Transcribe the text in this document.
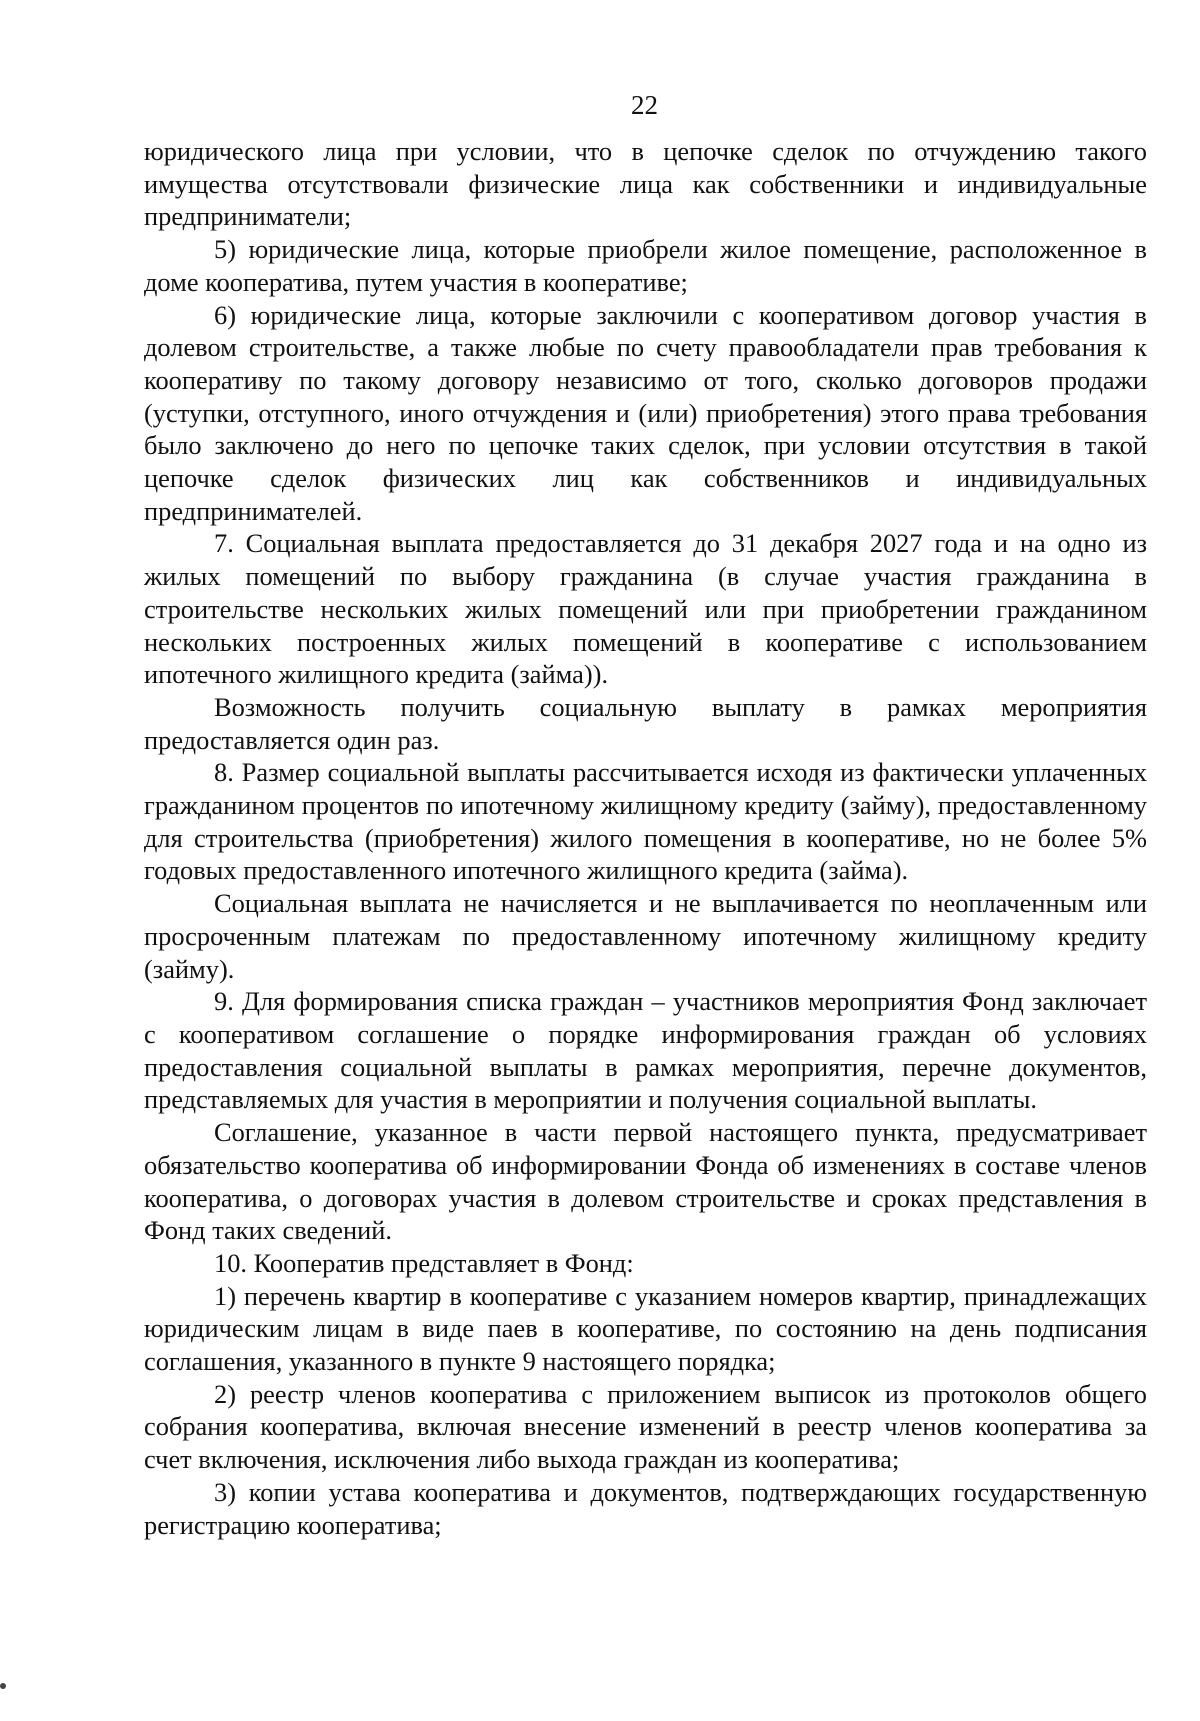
22

юридического лица при условии, что в цепочке сделок по отчуждению такого имущества отсутствовали физические лица как собственники и индивидуальные предприниматели;

5) юридические лица, которые приобрели жилое помещение, расположенное в доме кооператива, путем участия в кооперативе;

6) юридические лица, которые заключили с кооперативом договор участия в долевом строительстве, а также любые по счету правообладатели прав требования к кооперативу по такому договору независимо от того, сколько договоров продажи (уступки, отступного, иного отчуждения и (или) приобретения) этого права требования было заключено до него по цепочке таких сделок, при условии отсутствия в такой цепочке сделок физических лиц как собственников и индивидуальных предпринимателей.

7. Социальная выплата предоставляется до 31 декабря 2027 года и на одно из жилых помещений по выбору гражданина (в случае участия гражданина в строительстве нескольких жилых помещений или при приобретении гражданином нескольких построенных жилых помещений в кооперативе с использованием ипотечного жилищного кредита (займа)).

Возможность получить социальную выплату в рамках мероприятия предоставляется один раз.

8. Размер социальной выплаты рассчитывается исходя из фактически уплаченных гражданином процентов по ипотечному жилищному кредиту (займу), предоставленному для строительства (приобретения) жилого помещения в кооперативе, но не более 5% годовых предоставленного ипотечного жилищного кредита (займа).

Социальная выплата не начисляется и не выплачивается по неоплаченным или просроченным платежам по предоставленному ипотечному жилищному кредиту (займу).

9. Для формирования списка граждан – участников мероприятия Фонд заключает с кооперативом соглашение о порядке информирования граждан об условиях предоставления социальной выплаты в рамках мероприятия, перечне документов, представляемых для участия в мероприятии и получения социальной выплаты.

Соглашение, указанное в части первой настоящего пункта, предусматривает обязательство кооператива об информировании Фонда об изменениях в составе членов кооператива, о договорах участия в долевом строительстве и сроках представления в Фонд таких сведений.

10. Кооператив представляет в Фонд:

1) перечень квартир в кооперативе с указанием номеров квартир, принадлежащих юридическим лицам в виде паев в кооперативе, по состоянию на день подписания соглашения, указанного в пункте 9 настоящего порядка;

2) реестр членов кооператива с приложением выписок из протоколов общего собрания кооператива, включая внесение изменений в реестр членов кооператива за счет включения, исключения либо выхода граждан из кооператива;

3) копии устава кооператива и документов, подтверждающих государственную регистрацию кооператива;
